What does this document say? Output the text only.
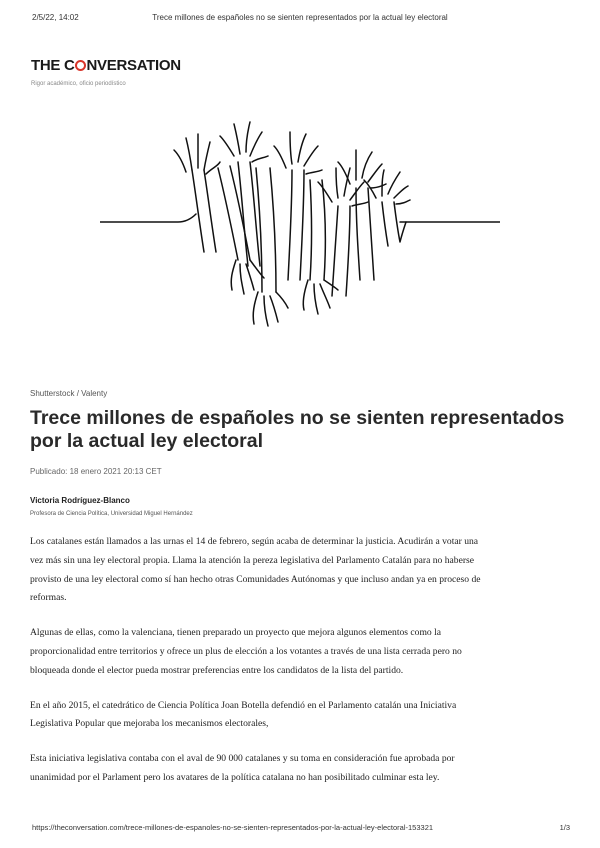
2/5/22, 14:02	Trece millones de españoles no se sienten representados por la actual ley electoral
THE C NVERSATION
Rigor académico, oficio periodístico
Shutterstock / Valenty
Trece millones de españoles no se sienten representados por la actual ley electoral
Publicado: 18 enero 2021 20:13 CET
Victoria Rodríguez-Blanco
Profesora de Ciencia Política, Universidad Miguel Hernández

Los catalanes están llamados a las urnas el 14 de febrero, según acaba de determinar la justicia. Acudirán a votar una vez más sin una ley electoral propia. Llama la atención la pereza legislativa del Parlamento Catalán para no haberse provisto de una ley electoral como sí han hecho otras Comunidades Autónomas y que incluso andan ya en proceso de reformas.

Algunas de ellas, como la valenciana, tienen preparado un proyecto que mejora algunos elementos como la proporcionalidad entre territorios y ofrece un plus de elección a los votantes a través de una lista cerrada pero no bloqueada donde el elector pueda mostrar preferencias entre los candidatos de la lista del partido.

En el año 2015, el catedrático de Ciencia Política Joan Botella defendió en el Parlamento catalán una Iniciativa Legislativa Popular que mejoraba los mecanismos electorales,

Esta iniciativa legislativa contaba con el aval de 90 000 catalanes y su toma en consideración fue aprobada por unanimidad por el Parlament pero los avatares de la política catalana no han posibilitado culminar esta ley.

https://theconversation.com/trece-millones-de-espanoles-no-se-sienten-representados-por-la-actual-ley-electoral-153321	1/3
